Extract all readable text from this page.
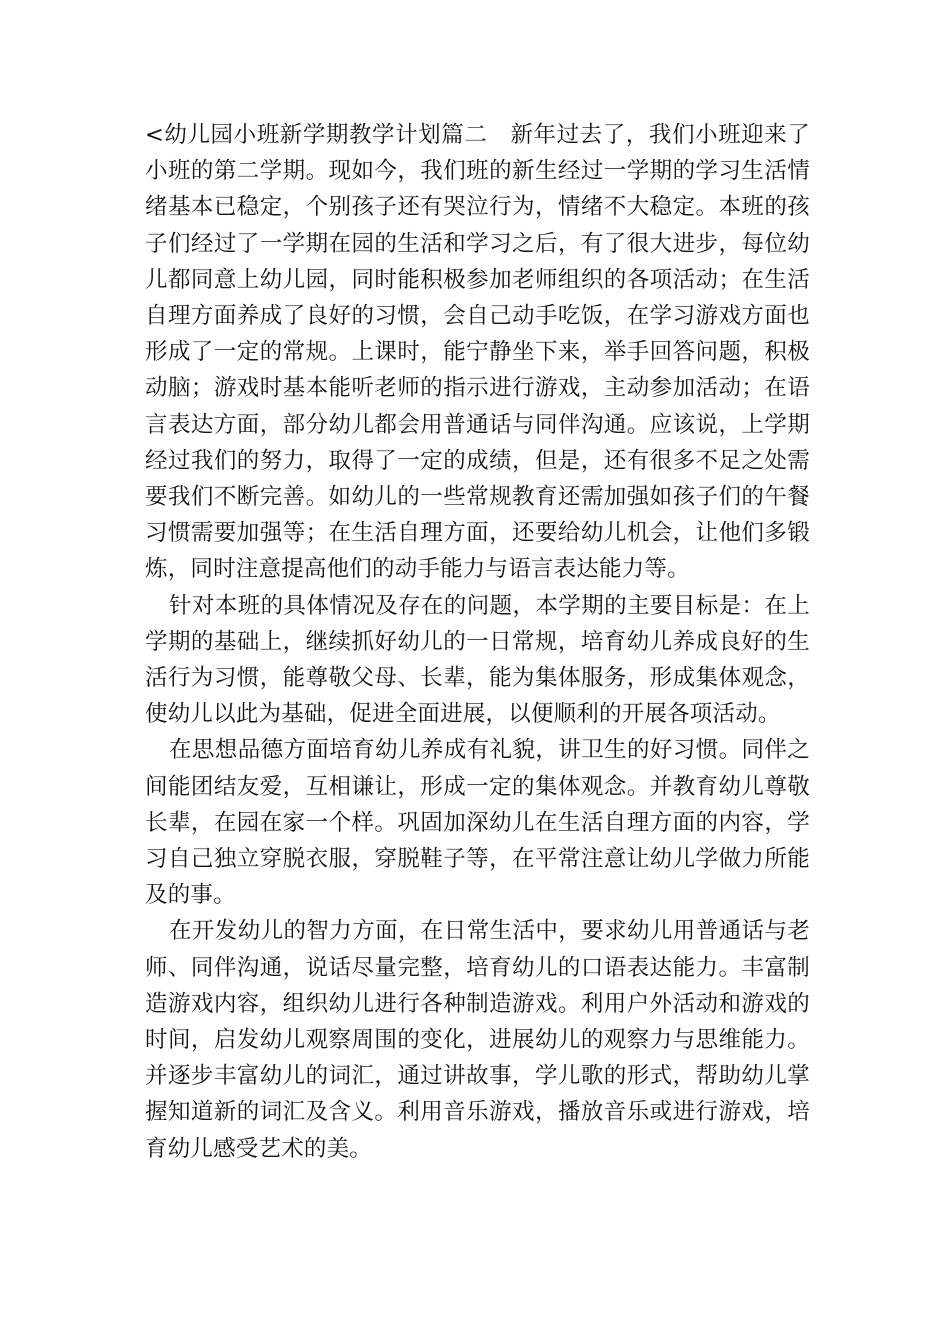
<幼儿园小班新学期教学计划篇二　新年过去了，我们小班迎来了小班的第二学期。现如今，我们班的新生经过一学期的学习生活情绪基本已稳定，个别孩子还有哭泣行为，情绪不大稳定。本班的孩子们经过了一学期在园的生活和学习之后，有了很大进步，每位幼儿都同意上幼儿园，同时能积极参加老师组织的各项活动；在生活自理方面养成了良好的习惯，会自己动手吃饭，在学习游戏方面也形成了一定的常规。上课时，能宁静坐下来，举手回答问题，积极动脑；游戏时基本能听老师的指示进行游戏，主动参加活动；在语言表达方面，部分幼儿都会用普通话与同伴沟通。应该说，上学期经过我们的努力，取得了一定的成绩，但是，还有很多不足之处需要我们不断完善。如幼儿的一些常规教育还需加强如孩子们的午餐习惯需要加强等；在生活自理方面，还要给幼儿机会，让他们多锻炼，同时注意提高他们的动手能力与语言表达能力等。

针对本班的具体情况及存在的问题，本学期的主要目标是：在上学期的基础上，继续抓好幼儿的一日常规，培育幼儿养成良好的生活行为习惯，能尊敬父母、长辈，能为集体服务，形成集体观念，使幼儿以此为基础，促进全面进展，以便顺利的开展各项活动。

在思想品德方面培育幼儿养成有礼貌，讲卫生的好习惯。同伴之间能团结友爱，互相谦让，形成一定的集体观念。并教育幼儿尊敬长辈，在园在家一个样。巩固加深幼儿在生活自理方面的内容，学习自己独立穿脱衣服，穿脱鞋子等，在平常注意让幼儿学做力所能及的事。

在开发幼儿的智力方面，在日常生活中，要求幼儿用普通话与老师、同伴沟通，说话尽量完整，培育幼儿的口语表达能力。丰富制造游戏内容，组织幼儿进行各种制造游戏。利用户外活动和游戏的时间，启发幼儿观察周围的变化，进展幼儿的观察力与思维能力。并逐步丰富幼儿的词汇，通过讲故事，学儿歌的形式，帮助幼儿掌握知道新的词汇及含义。利用音乐游戏，播放音乐或进行游戏，培育幼儿感受艺术的美。
